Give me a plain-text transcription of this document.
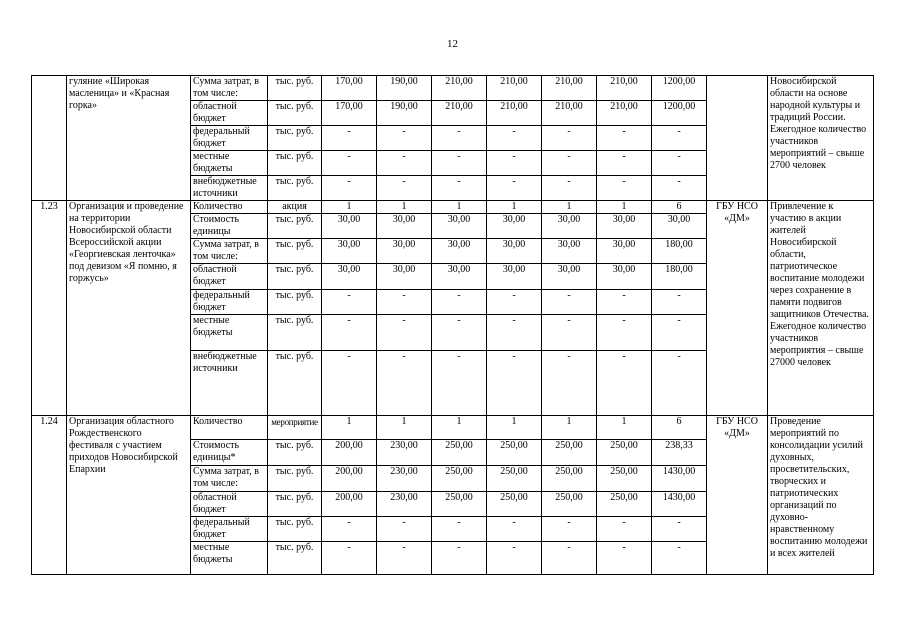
12
	гуляние «Широкая масленица» и «Красная горка»	Сумма затрат, в том числе:	тыс. руб.	170,00	190,00	210,00	210,00	210,00	210,00	1200,00		Новосибирской области на основе народной культуры и традиций России. Ежегодное количество участников мероприятий – свыше 2700 человек
		областной бюджет	тыс. руб.	170,00	190,00	210,00	210,00	210,00	210,00	1200,00		
		федеральный бюджет	тыс. руб.	-	-	-	-	-	-	-		
		местные бюджеты	тыс. руб.	-	-	-	-	-	-	-		
		внебюджетные источники	тыс. руб.	-	-	-	-	-	-	-		
1.23	Организация и проведение на территории Новосибирской области Всероссийской акции «Георгиевская ленточка» под девизом «Я помню, я горжусь»	Количество	акция	1	1	1	1	1	1	6	ГБУ НСО «ДМ»	Привлечение к участию в акции жителей Новосибирской области, патриотическое воспитание молодежи через сохранение в памяти подвигов защитников Отечества. Ежегодное количество участников мероприятия – свыше 27000 человек
		Стоимость единицы	тыс. руб.	30,00	30,00	30,00	30,00	30,00	30,00	30,00		
		Сумма затрат, в том числе:	тыс. руб.	30,00	30,00	30,00	30,00	30,00	30,00	180,00		
		областной бюджет	тыс. руб.	30,00	30,00	30,00	30,00	30,00	30,00	180,00		
		федеральный бюджет	тыс. руб.	-	-	-	-	-	-	-		
		местные бюджеты	тыс. руб.	-	-	-	-	-	-	-		
		внебюджетные источники	тыс. руб.	-	-	-	-	-	-	-		
1.24	Организация областного Рождественского фестиваля с участием приходов Новосибирской Епархии	Количество	мероприятие	1	1	1	1	1	1	6	ГБУ НСО «ДМ»	Проведение мероприятий по консолидации усилий духовных, просветительских, творческих и патриотических организаций по духовно-нравственному воспитанию молодежи и всех жителей
		Стоимость единицы*	тыс. руб.	200,00	230,00	250,00	250,00	250,00	250,00	238,33		
		Сумма затрат, в том числе:	тыс. руб.	200,00	230,00	250,00	250,00	250,00	250,00	1430,00		
		областной бюджет	тыс. руб.	200,00	230,00	250,00	250,00	250,00	250,00	1430,00		
		федеральный бюджет	тыс. руб.	-	-	-	-	-	-	-		
		местные бюджеты	тыс. руб.	-	-	-	-	-	-	-		
